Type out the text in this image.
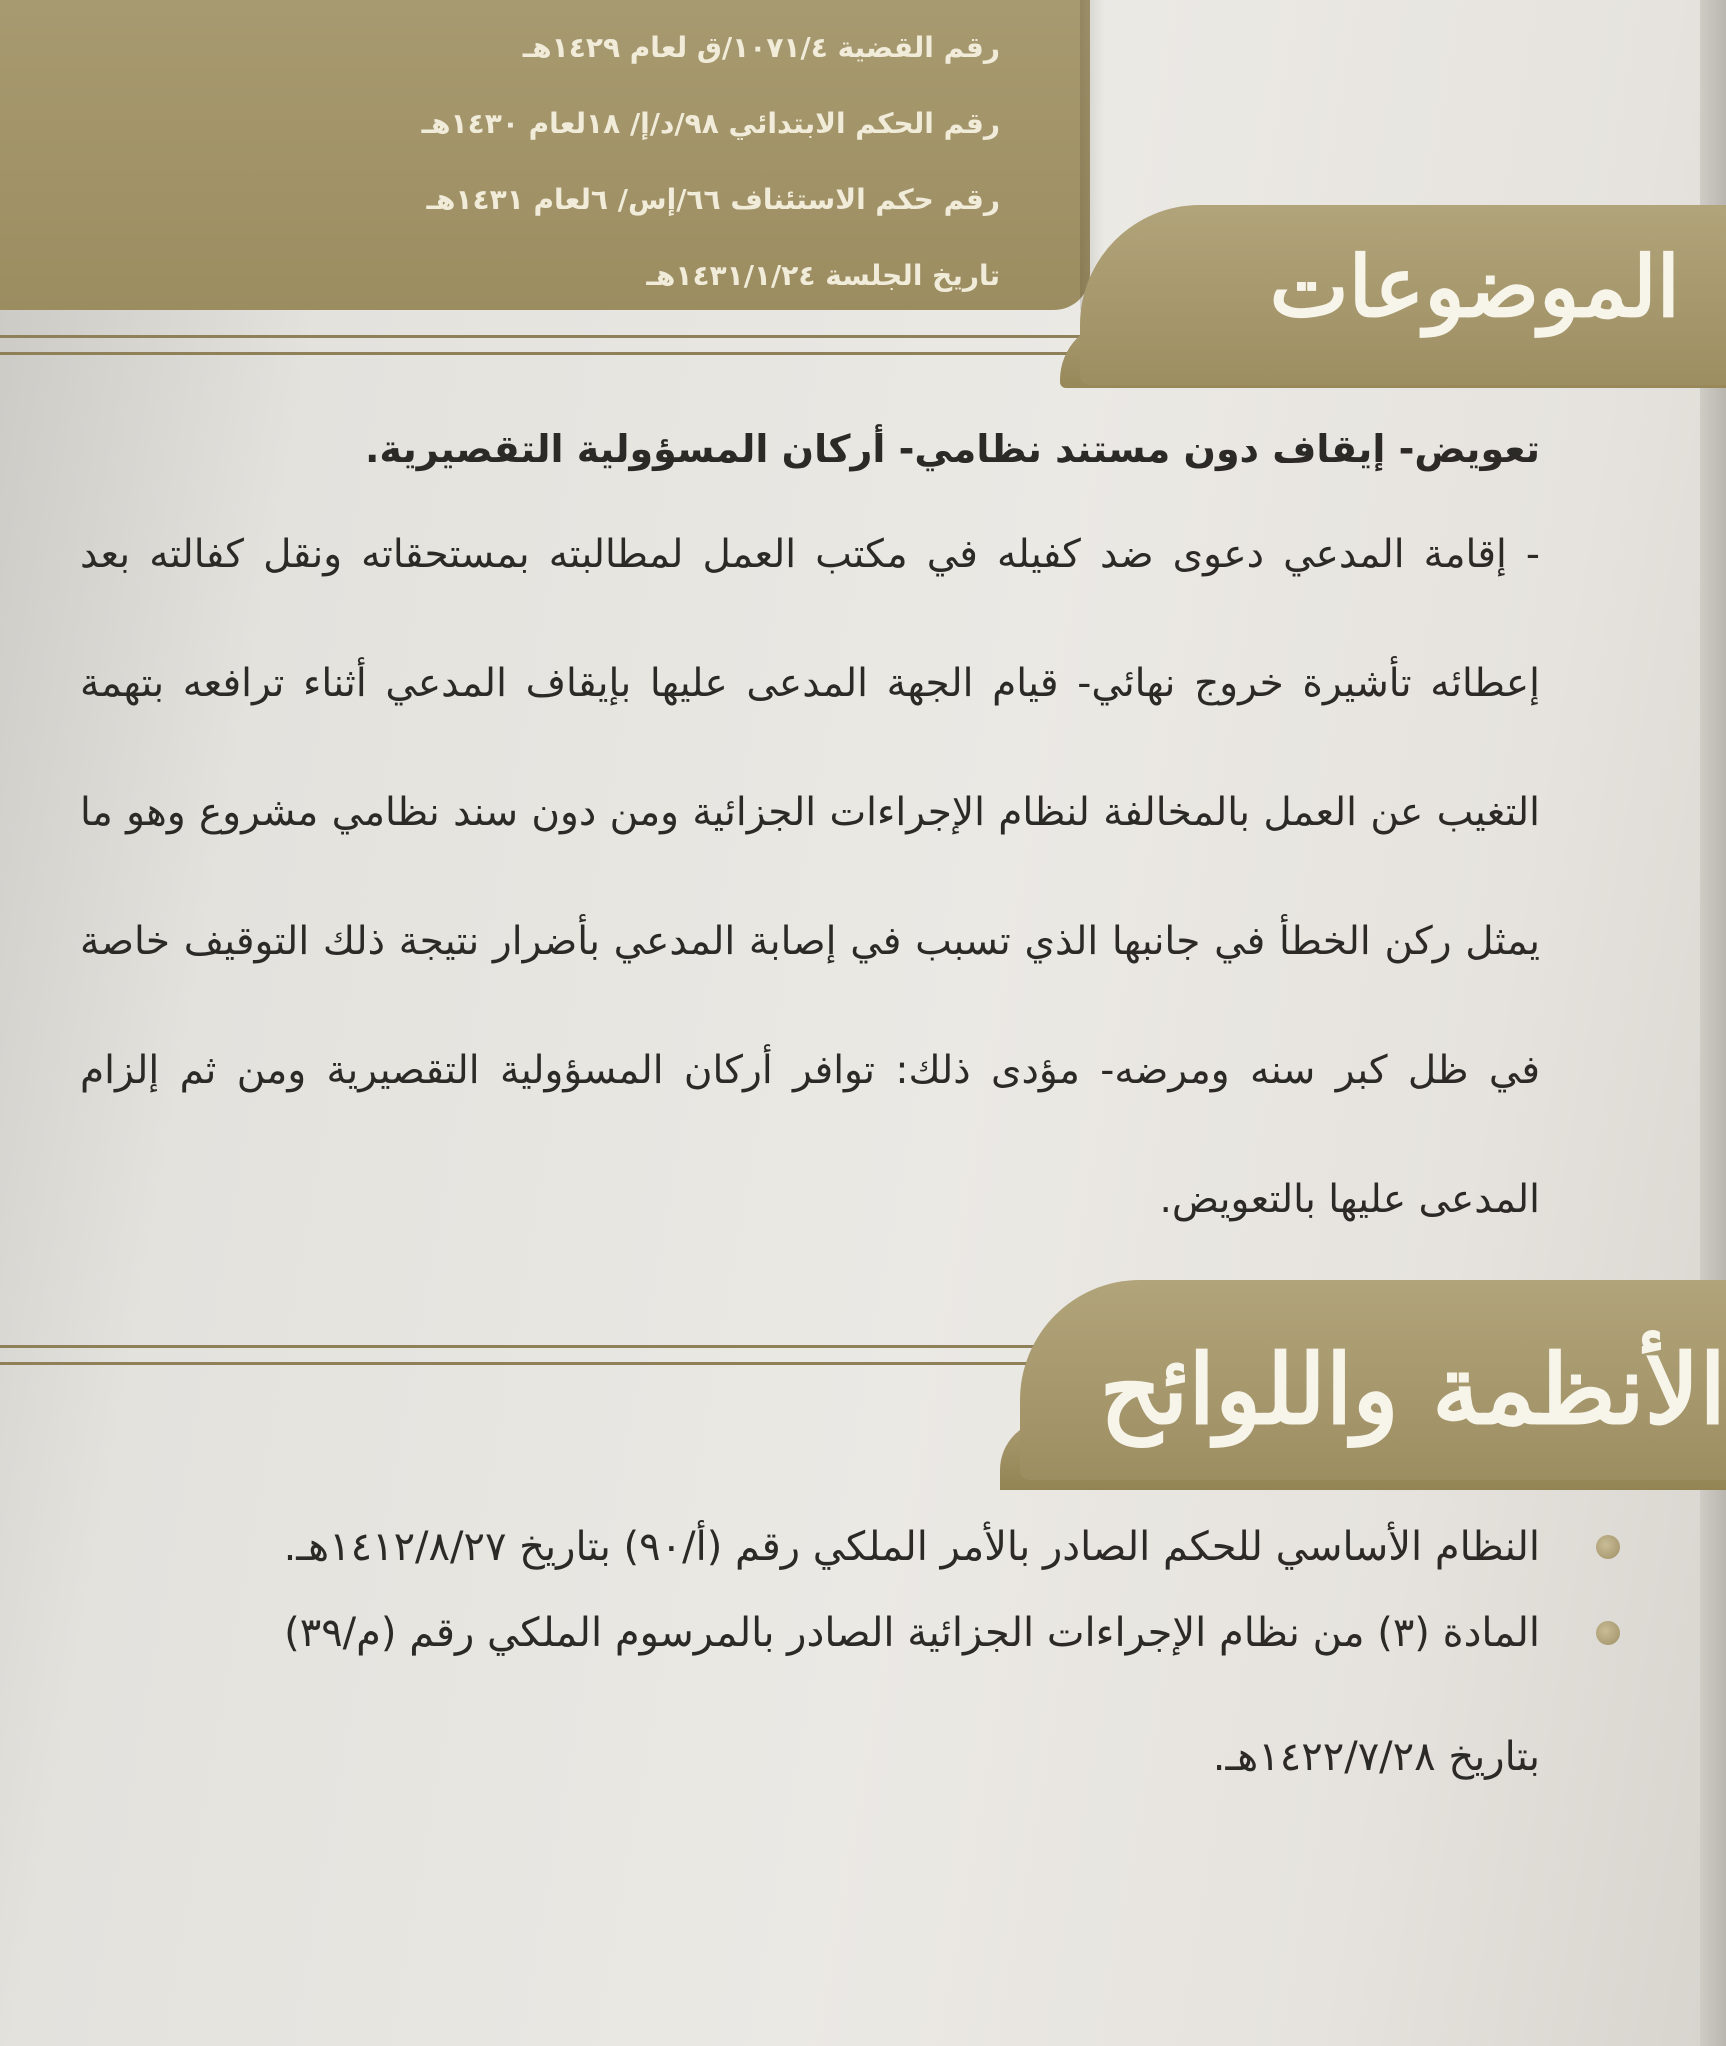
رقم القضية ١٠٧١/٤/ق لعام ١٤٢٩هـ
رقم الحكم الابتدائي ٩٨/د/إ/ ١٨لعام ١٤٣٠هـ
رقم حكم الاستئناف ٦٦/إس/ ٦لعام ١٤٣١هـ
تاريخ الجلسة ١٤٣١/١/٢٤هـ	الموضوعات
تعويض- إيقاف دون مستند نظامي- أركان المسؤولية التقصيرية.
- إقامة المدعي دعوى ضد كفيله في مكتب العمل لمطالبته بمستحقاته ونقل كفالته بعد إعطائه تأشيرة خروج نهائي- قيام الجهة المدعى عليها بإيقاف المدعي أثناء ترافعه بتهمة التغيب عن العمل بالمخالفة لنظام الإجراءات الجزائية ومن دون سند نظامي مشروع وهو ما يمثل ركن الخطأ في جانبها الذي تسبب في إصابة المدعي بأضرار نتيجة ذلك التوقيف خاصة في ظل كبر سنه ومرضه- مؤدى ذلك: توافر أركان المسؤولية التقصيرية ومن ثم إلزام المدعى عليها بالتعويض.
الأنظمة واللوائح
النظام الأساسي للحكم الصادر بالأمر الملكي رقم (أ/٩٠) بتاريخ ١٤١٢/٨/٢٧هـ.
المادة (٣) من نظام الإجراءات الجزائية الصادر بالمرسوم الملكي رقم (م/٣٩)
بتاريخ ١٤٢٢/٧/٢٨هـ.
